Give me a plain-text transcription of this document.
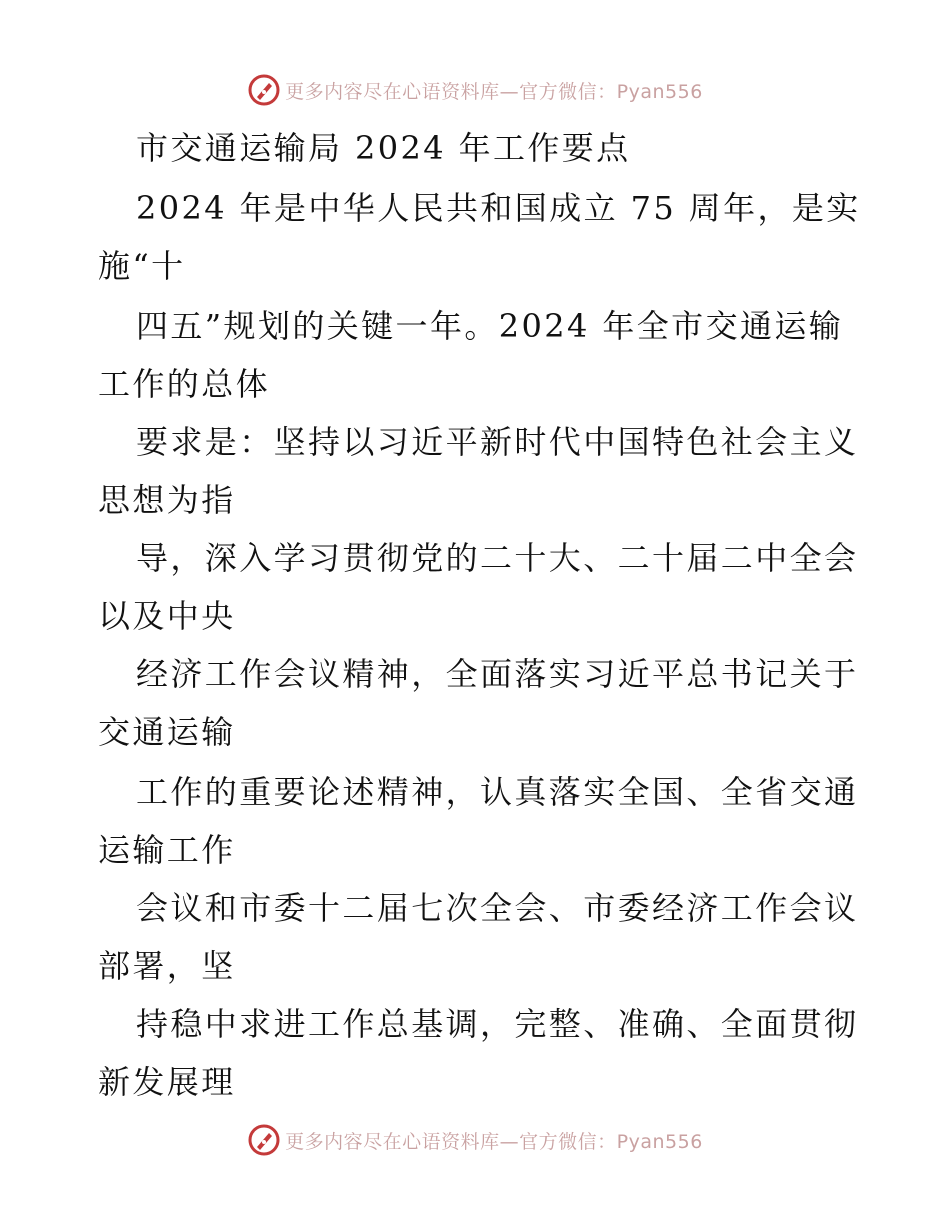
更多内容尽在心语资料库—官方微信：Pyan556
市交通运输局 2024 年工作要点
2024 年是中华人民共和国成立 75 周年，是实
施“十
四五”规划的关键一年。2024 年全市交通运输
工作的总体
要求是：坚持以习近平新时代中国特色社会主义
思想为指
导，深入学习贯彻党的二十大、二十届二中全会
以及中央
经济工作会议精神，全面落实习近平总书记关于
交通运输
工作的重要论述精神，认真落实全国、全省交通
运输工作
会议和市委十二届七次全会、市委经济工作会议
部署，坚
持稳中求进工作总基调，完整、准确、全面贯彻
新发展理
更多内容尽在心语资料库—官方微信：Pyan556
